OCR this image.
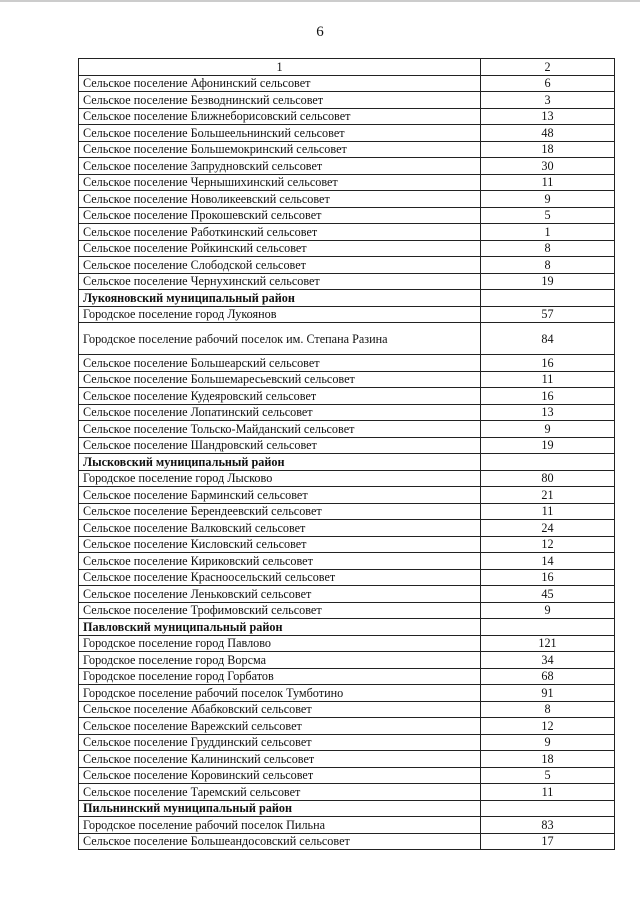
6
1	2
Сельское поселение Афонинский сельсовет	6
Сельское поселение Безводнинский сельсовет	3
Сельское поселение Ближнеборисовский сельсовет	13
Сельское поселение Большеельнинский сельсовет	48
Сельское поселение Большемокринский сельсовет	18
Сельское поселение Запрудновский сельсовет	30
Сельское поселение Чернышихинский сельсовет	11
Сельское поселение Новоликеевский сельсовет	9
Сельское поселение Прокошевский сельсовет	5
Сельское поселение Работкинский сельсовет	1
Сельское поселение Ройкинский сельсовет	8
Сельское поселение Слободской сельсовет	8
Сельское поселение Чернухинский сельсовет	19
Лукояновский муниципальный район	
Городское поселение город Лукоянов	57
Городское поселение рабочий поселок им. Степана Разина	84
Сельское поселение Большеарский сельсовет	16
Сельское поселение Большемаресьевский сельсовет	11
Сельское поселение Кудеяровский сельсовет	16
Сельское поселение Лопатинский сельсовет	13
Сельское поселение Тольско-Майданский сельсовет	9
Сельское поселение Шандровский сельсовет	19
Лысковский муниципальный район	
Городское поселение город Лысково	80
Сельское поселение Барминский сельсовет	21
Сельское поселение Берендеевский сельсовет	11
Сельское поселение Валковский сельсовет	24
Сельское поселение Кисловский сельсовет	12
Сельское поселение Кириковский сельсовет	14
Сельское поселение Красноосельский сельсовет	16
Сельское поселение Леньковский сельсовет	45
Сельское поселение Трофимовский сельсовет	9
Павловский муниципальный район	
Городское поселение город Павлово	121
Городское поселение город Ворсма	34
Городское поселение город Горбатов	68
Городское поселение рабочий поселок Тумботино	91
Сельское поселение Абабковский сельсовет	8
Сельское поселение Варежский сельсовет	12
Сельское поселение Груддинский сельсовет	9
Сельское поселение Калининский сельсовет	18
Сельское поселение Коровинский сельсовет	5
Сельское поселение Таремский сельсовет	11
Пильнинский муниципальный район	
Городское поселение рабочий поселок Пильна	83
Сельское поселение Большеандосовский сельсовет	17
